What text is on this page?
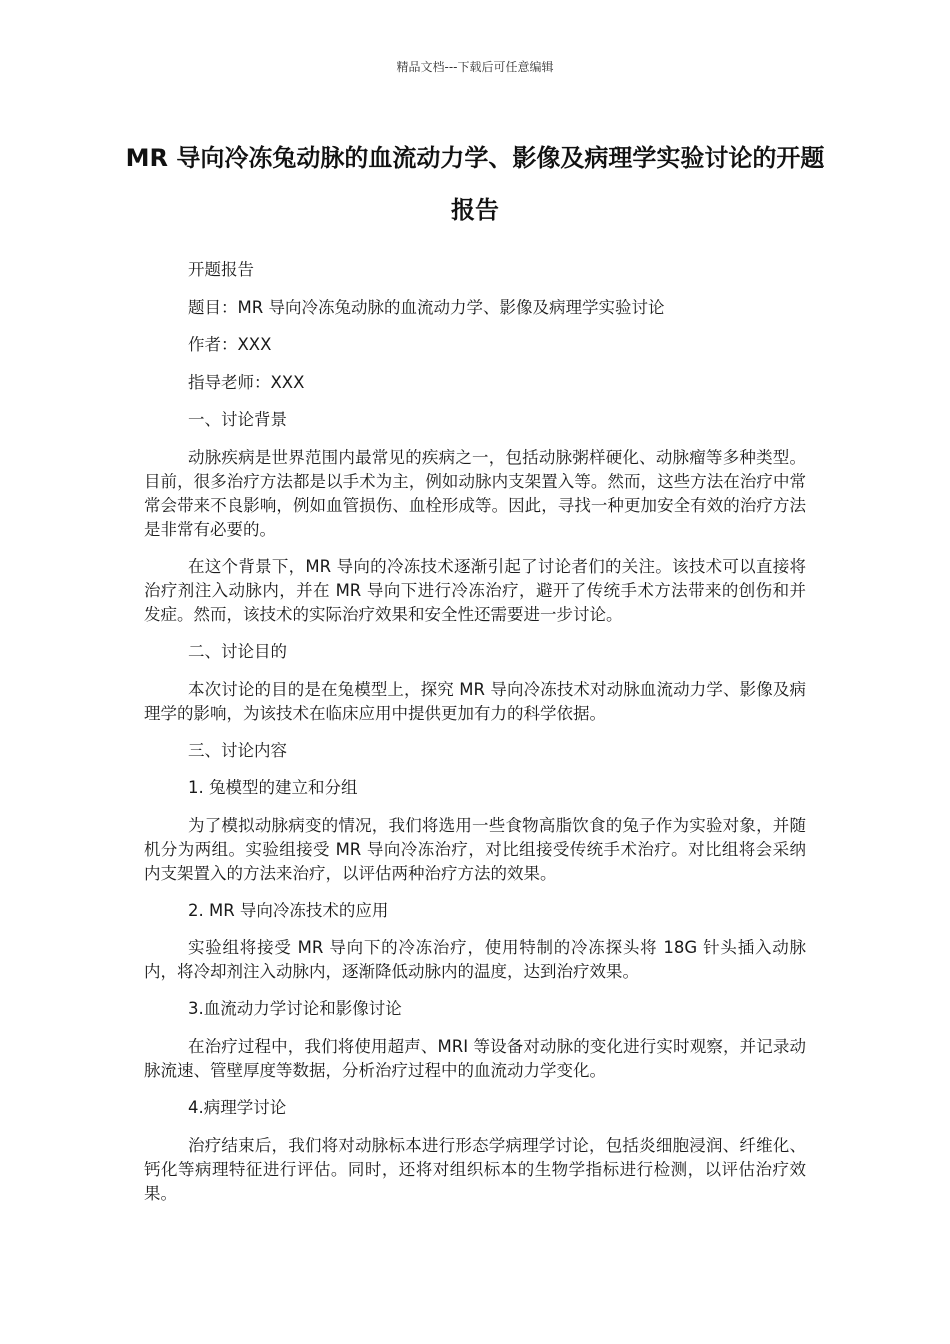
精品文档---下载后可任意编辑
MR 导向冷冻兔动脉的血流动力学、影像及病理学实验讨论的开题报告

开题报告

题目：MR 导向冷冻兔动脉的血流动力学、影像及病理学实验讨论

作者：XXX

指导老师：XXX

一、讨论背景

动脉疾病是世界范围内最常见的疾病之一，包括动脉粥样硬化、动脉瘤等多种类型。目前，很多治疗方法都是以手术为主，例如动脉内支架置入等。然而，这些方法在治疗中常常会带来不良影响，例如血管损伤、血栓形成等。因此，寻找一种更加安全有效的治疗方法是非常有必要的。

在这个背景下，MR 导向的冷冻技术逐渐引起了讨论者们的关注。该技术可以直接将治疗剂注入动脉内，并在 MR 导向下进行冷冻治疗，避开了传统手术方法带来的创伤和并发症。然而，该技术的实际治疗效果和安全性还需要进一步讨论。

二、讨论目的

本次讨论的目的是在兔模型上，探究 MR 导向冷冻技术对动脉血流动力学、影像及病理学的影响，为该技术在临床应用中提供更加有力的科学依据。

三、讨论内容

1. 兔模型的建立和分组

为了模拟动脉病变的情况，我们将选用一些食物高脂饮食的兔子作为实验对象，并随机分为两组。实验组接受 MR 导向冷冻治疗，对比组接受传统手术治疗。对比组将会采纳内支架置入的方法来治疗，以评估两种治疗方法的效果。

2. MR 导向冷冻技术的应用

实验组将接受 MR 导向下的冷冻治疗，使用特制的冷冻探头将 18G 针头插入动脉内，将冷却剂注入动脉内，逐渐降低动脉内的温度，达到治疗效果。

3.血流动力学讨论和影像讨论

在治疗过程中，我们将使用超声、MRI 等设备对动脉的变化进行实时观察，并记录动脉流速、管壁厚度等数据，分析治疗过程中的血流动力学变化。

4.病理学讨论

治疗结束后，我们将对动脉标本进行形态学病理学讨论，包括炎细胞浸润、纤维化、钙化等病理特征进行评估。同时，还将对组织标本的生物学指标进行检测，以评估治疗效果。
